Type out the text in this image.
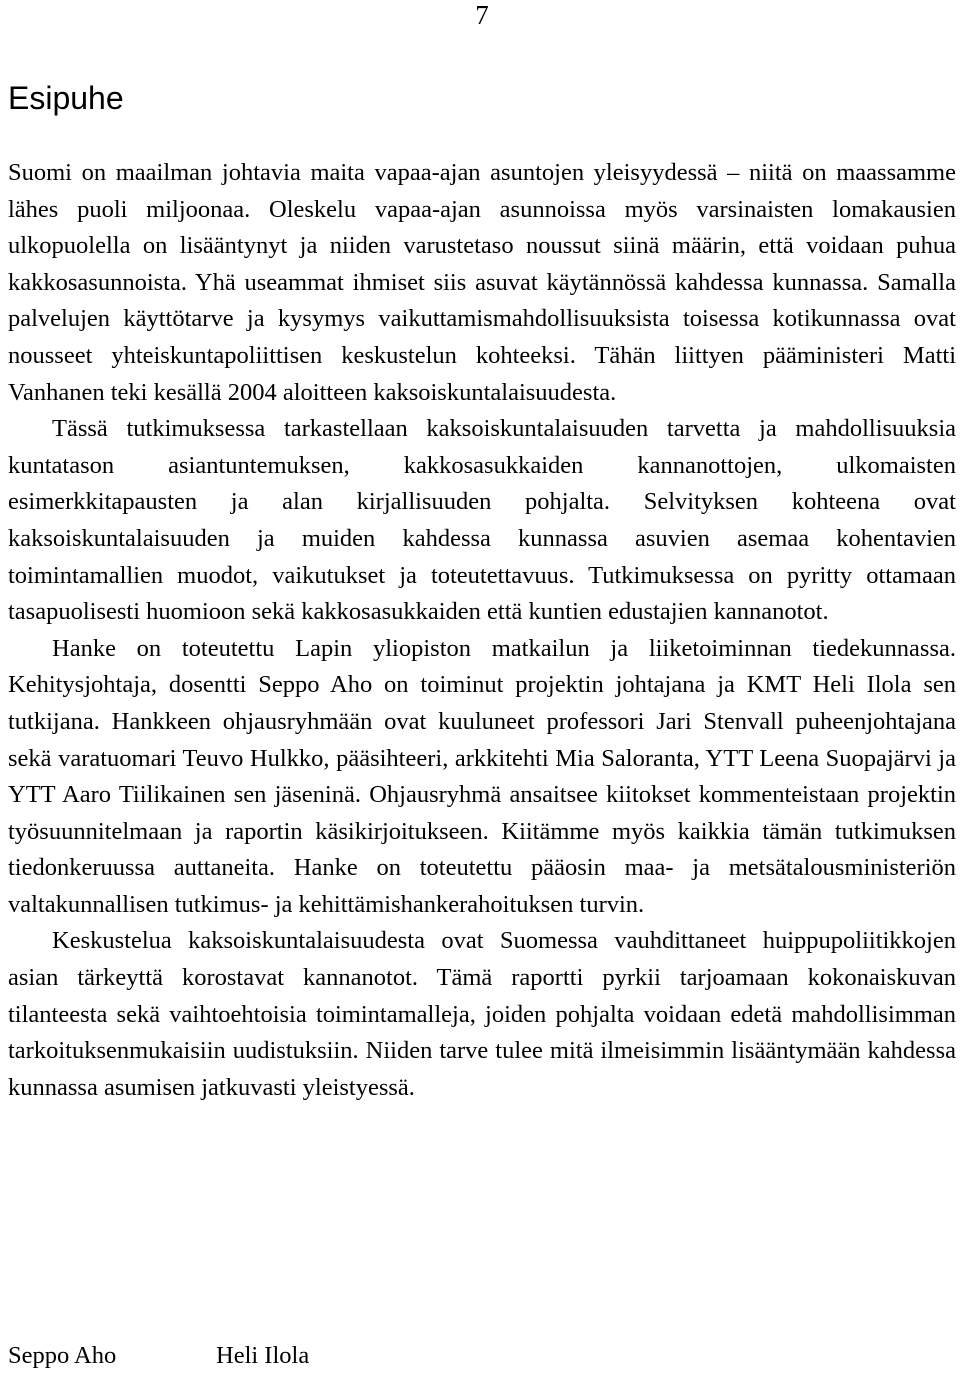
7
Esipuhe

Suomi on maailman johtavia maita vapaa-ajan asuntojen yleisyydessä – niitä on maassamme lähes puoli miljoonaa. Oleskelu vapaa-ajan asunnoissa myös varsinaisten lomakausien ulkopuolella on lisääntynyt ja niiden varustetaso noussut siinä määrin, että voidaan puhua kakkosasunnoista. Yhä useammat ihmiset siis asuvat käytännössä kahdessa kunnassa. Samalla palvelujen käyttötarve ja kysymys vaikuttamismahdollisuuksista toisessa kotikunnassa ovat nousseet yhteiskuntapoliittisen keskustelun kohteeksi. Tähän liittyen pääministeri Matti Vanhanen teki kesällä 2004 aloitteen kaksoiskuntalaisuudesta.

Tässä tutkimuksessa tarkastellaan kaksoiskuntalaisuuden tarvetta ja mahdollisuuksia kuntatason asiantuntemuksen, kakkosasukkaiden kannanottojen, ulkomaisten esimerkkitapausten ja alan kirjallisuuden pohjalta. Selvityksen kohteena ovat kaksoiskuntalaisuuden ja muiden kahdessa kunnassa asuvien asemaa kohentavien toimintamallien muodot, vaikutukset ja toteutettavuus. Tutkimuksessa on pyritty ottamaan tasapuolisesti huomioon sekä kakkosasukkaiden että kuntien edustajien kannanotot.

Hanke on toteutettu Lapin yliopiston matkailun ja liiketoiminnan tiedekunnassa. Kehitysjohtaja, dosentti Seppo Aho on toiminut projektin johtajana ja KMT Heli Ilola sen tutkijana. Hankkeen ohjausryhmään ovat kuuluneet professori Jari Stenvall puheenjohtajana sekä varatuomari Teuvo Hulkko, pääsihteeri, arkkitehti Mia Saloranta, YTT Leena Suopajärvi ja YTT Aaro Tiilikainen sen jäseninä. Ohjausryhmä ansaitsee kiitokset kommenteistaan projektin työsuunnitelmaan ja raportin käsikirjoitukseen. Kiitämme myös kaikkia tämän tutkimuksen tiedonkeruussa auttaneita. Hanke on toteutettu pääosin maa- ja metsätalousministeriön valtakunnallisen tutkimus- ja kehittämishankerahoituksen turvin.

Keskustelua kaksoiskuntalaisuudesta ovat Suomessa vauhdittaneet huippupoliitikkojen asian tärkeyttä korostavat kannanotot. Tämä raportti pyrkii tarjoamaan kokonaiskuvan tilanteesta sekä vaihtoehtoisia toimintamalleja, joiden pohjalta voidaan edetä mahdollisimman tarkoituksenmukaisiin uudistuksiin. Niiden tarve tulee mitä ilmeisimmin lisääntymään kahdessa kunnassa asumisen jatkuvasti yleistyessä.

Seppo Aho	Heli Ilola
